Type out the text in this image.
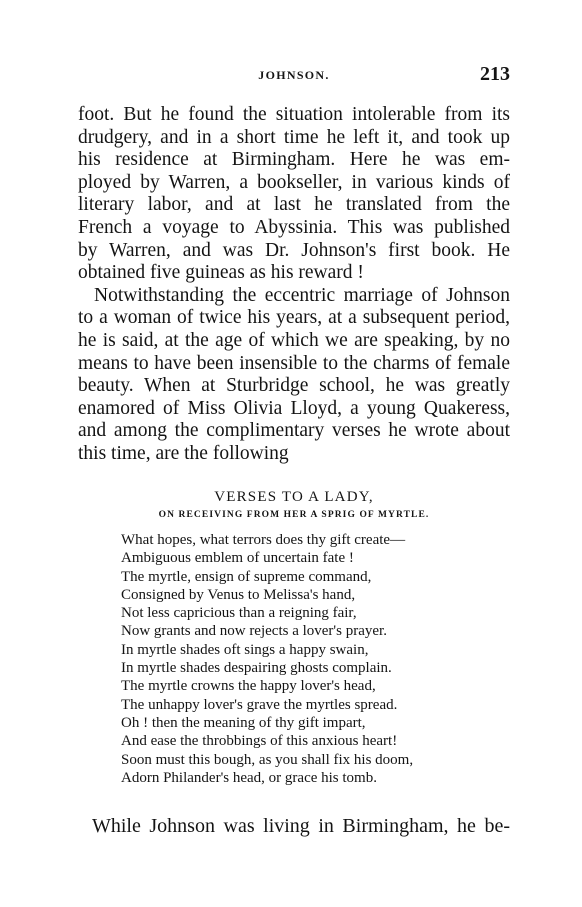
JOHNSON.	213
foot. But he found the situation intolerable from its
drudgery, and in a short time he left it, and took up
his residence at Birmingham. Here he was em-
ployed by Warren, a bookseller, in various kinds of
literary labor, and at last he translated from the
French a voyage to Abyssinia. This was published
by Warren, and was Dr. Johnson's first book. He
obtained five guineas as his reward !
Notwithstanding the eccentric marriage of Johnson
to a woman of twice his years, at a subsequent period,
he is said, at the age of which we are speaking, by no
means to have been insensible to the charms of female
beauty. When at Sturbridge school, he was greatly
enamored of Miss Olivia Lloyd, a young Quakeress,
and among the complimentary verses he wrote about
this time, are the following
VERSES TO A LADY,
ON RECEIVING FROM HER A SPRIG OF MYRTLE.
What hopes, what terrors does thy gift create—
Ambiguous emblem of uncertain fate !
The myrtle, ensign of supreme command,
Consigned by Venus to Melissa's hand,
Not less capricious than a reigning fair,
Now grants and now rejects a lover's prayer.
In myrtle shades oft sings a happy swain,
In myrtle shades despairing ghosts complain.
The myrtle crowns the happy lover's head,
The unhappy lover's grave the myrtles spread.
Oh ! then the meaning of thy gift impart,
And ease the throbbings of this anxious heart!
Soon must this bough, as you shall fix his doom,
Adorn Philander's head, or grace his tomb.
While Johnson was living in Birmingham, he be-
